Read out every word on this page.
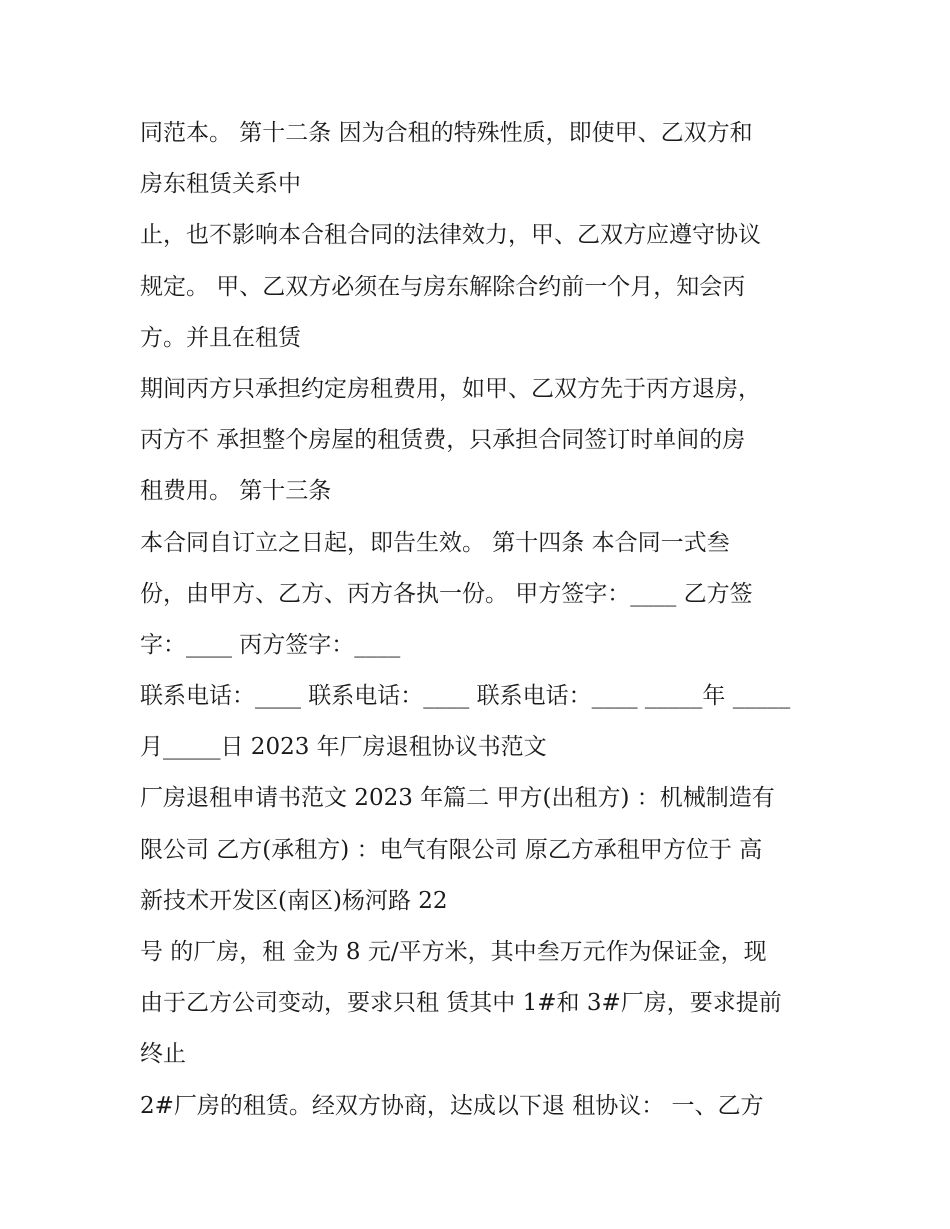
同范本。 第十二条 因为合租的特殊性质，即使甲、乙双方和
房东租赁关系中
止，也不影响本合租合同的法律效力，甲、乙双方应遵守协议
规定。 甲、乙双方必须在与房东解除合约前一个月，知会丙
方。并且在租赁
期间丙方只承担约定房租费用，如甲、乙双方先于丙方退房，
丙方不 承担整个房屋的租赁费，只承担合同签订时单间的房
租费用。 第十三条
本合同自订立之日起，即告生效。 第十四条 本合同一式叁
份，由甲方、乙方、丙方各执一份。 甲方签字：____ 乙方签
字：____ 丙方签字：____
联系电话：____ 联系电话：____ 联系电话：____ _____年 _____
月_____日 2023 年厂房退租协议书范文
厂房退租申请书范文 2023 年篇二 甲方(出租方) ：机械制造有
限公司 乙方(承租方) ：电气有限公司 原乙方承租甲方位于 高
新技术开发区(南区)杨河路 22
号 的厂房，租 金为 8 元/平方米，其中叁万元作为保证金，现
由于乙方公司变动，要求只租 赁其中 1#和 3#厂房，要求提前
终止
2#厂房的租赁。经双方协商，达成以下退 租协议： 一、乙方
